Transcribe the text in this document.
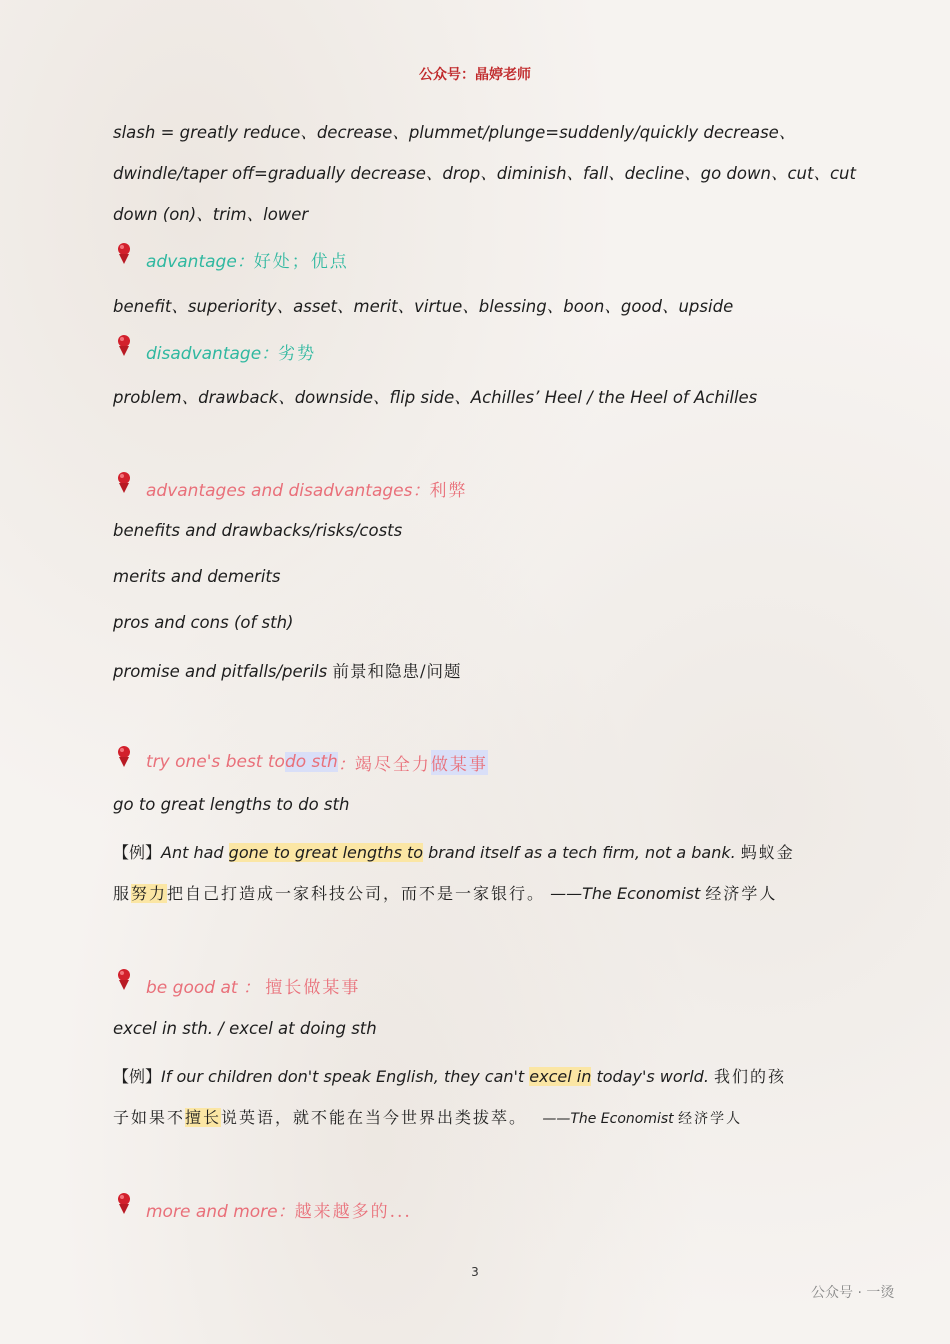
公众号：晶婷老师
slash = greatly reduce、decrease、plummet/plunge=suddenly/quickly decrease、
dwindle/taper off=gradually decrease、drop、diminish、fall、decline、go down、cut、cut
down (on)、trim、lower
advantage： 好处；优点
benefit、superiority、asset、merit、virtue、blessing、boon、good、upside
disadvantage： 劣势
problem、drawback、downside、flip side、Achilles’ Heel / the Heel of Achilles
advantages and disadvantages： 利弊
benefits and drawbacks/risks/costs
merits and demerits
pros and cons (of sth)
promise and pitfalls/perils 前景和隐患/问题
try one's best to do sth ： 竭尽全力 做某事
go to great lengths to do sth
【例】Ant had gone to great lengths to brand itself as a tech firm, not a bank. 蚂蚁金
服努力把自己打造成一家科技公司，而不是一家银行。 ——The Economist 经济学人
be good at ：
擅长做某事
excel in sth. / excel at doing sth
【例】If our children don't speak English, they can't excel in today's world. 我们的孩
子如果不擅长说英语，就不能在当今世界出类拔萃。 ——The Economist 经济学人
more and more： 越来越多的...
3
公众号 · 一烫
